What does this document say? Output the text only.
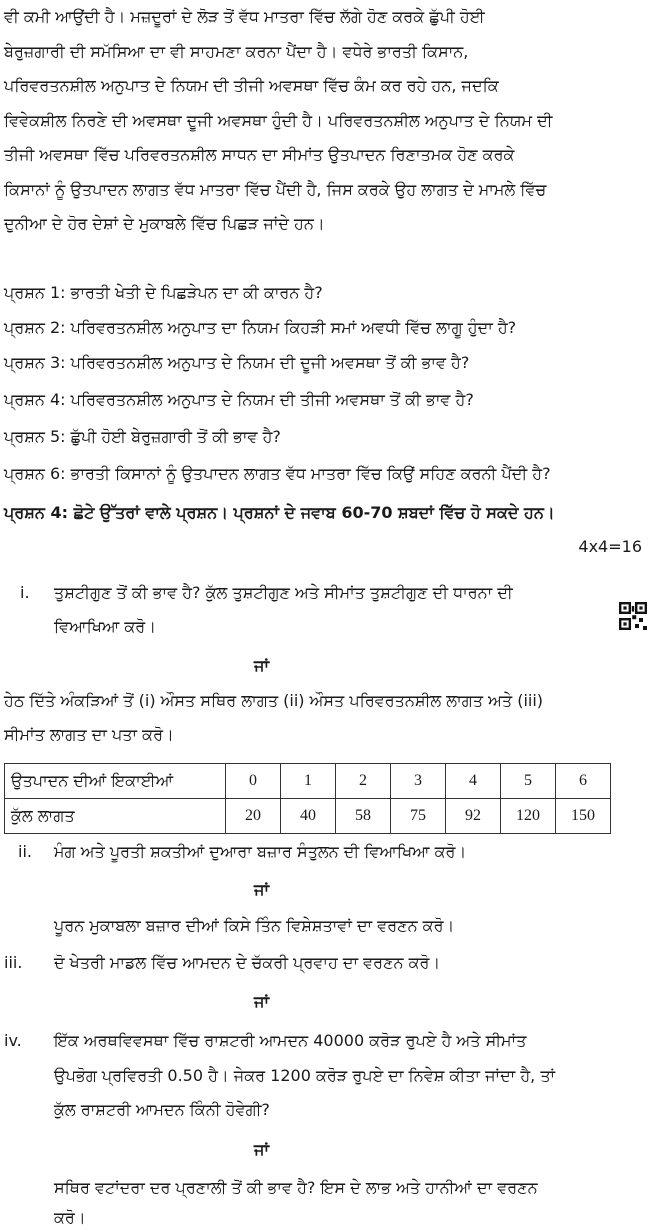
ਵੀ ਕਮੀ ਆਉਂਦੀ ਹੈ। ਮਜ਼ਦੂਰਾਂ ਦੇ ਲੋੜ ਤੋਂ ਵੱਧ ਮਾਤਰਾ ਵਿੱਚ ਲੱਗੇ ਹੋਣ ਕਰਕੇ ਛੁੱਪੀ ਹੋਈ
ਬੇਰੁਜ਼ਗਾਰੀ ਦੀ ਸਮੱਸਿਆ ਦਾ ਵੀ ਸਾਹਮਣਾ ਕਰਨਾ ਪੈਂਦਾ ਹੈ। ਵਧੇਰੇ ਭਾਰਤੀ ਕਿਸਾਨ,
ਪਰਿਵਰਤਨਸ਼ੀਲ ਅਨੁਪਾਤ ਦੇ ਨਿਯਮ ਦੀ ਤੀਜੀ ਅਵਸਥਾ ਵਿੱਚ ਕੰਮ ਕਰ ਰਹੇ ਹਨ, ਜਦਕਿ
ਵਿਵੇਕਸ਼ੀਲ ਨਿਰਣੇ ਦੀ ਅਵਸਥਾ ਦੂਜੀ ਅਵਸਥਾ ਹੁੰਦੀ ਹੈ। ਪਰਿਵਰਤਨਸ਼ੀਲ ਅਨੁਪਾਤ ਦੇ ਨਿਯਮ ਦੀ
ਤੀਜੀ ਅਵਸਥਾ ਵਿੱਚ ਪਰਿਵਰਤਨਸ਼ੀਲ ਸਾਧਨ ਦਾ ਸੀਮਾਂਤ ਉਤਪਾਦਨ ਰਿਣਾਤਮਕ ਹੋਣ ਕਰਕੇ
ਕਿਸਾਨਾਂ ਨੂੰ ਉਤਪਾਦਨ ਲਾਗਤ ਵੱਧ ਮਾਤਰਾ ਵਿੱਚ ਪੈਂਦੀ ਹੈ, ਜਿਸ ਕਰਕੇ ਉਹ ਲਾਗਤ ਦੇ ਮਾਮਲੇ ਵਿੱਚ
ਦੁਨੀਆ ਦੇ ਹੋਰ ਦੇਸ਼ਾਂ ਦੇ ਮੁਕਾਬਲੇ ਵਿੱਚ ਪਿਛੜ ਜਾਂਦੇ ਹਨ।
ਪ੍ਰਸ਼ਨ 1: ਭਾਰਤੀ ਖੇਤੀ ਦੇ ਪਿਛੜੇਪਨ ਦਾ ਕੀ ਕਾਰਨ ਹੈ?
ਪ੍ਰਸ਼ਨ 2: ਪਰਿਵਰਤਨਸ਼ੀਲ ਅਨੁਪਾਤ ਦਾ ਨਿਯਮ ਕਿਹੜੀ ਸਮਾਂ ਅਵਧੀ ਵਿੱਚ ਲਾਗੂ ਹੁੰਦਾ ਹੈ?
ਪ੍ਰਸ਼ਨ 3: ਪਰਿਵਰਤਨਸ਼ੀਲ ਅਨੁਪਾਤ ਦੇ ਨਿਯਮ ਦੀ ਦੂਜੀ ਅਵਸਥਾ ਤੋਂ ਕੀ ਭਾਵ ਹੈ?
ਪ੍ਰਸ਼ਨ 4: ਪਰਿਵਰਤਨਸ਼ੀਲ ਅਨੁਪਾਤ ਦੇ ਨਿਯਮ ਦੀ ਤੀਜੀ ਅਵਸਥਾ ਤੋਂ ਕੀ ਭਾਵ ਹੈ?
ਪ੍ਰਸ਼ਨ 5: ਛੁੱਪੀ ਹੋਈ ਬੇਰੁਜ਼ਗਾਰੀ ਤੋਂ ਕੀ ਭਾਵ ਹੈ?
ਪ੍ਰਸ਼ਨ 6: ਭਾਰਤੀ ਕਿਸਾਨਾਂ ਨੂੰ ਉਤਪਾਦਨ ਲਾਗਤ ਵੱਧ ਮਾਤਰਾ ਵਿੱਚ ਕਿਉਂ ਸਹਿਣ ਕਰਨੀ ਪੈਂਦੀ ਹੈ?
ਪ੍ਰਸ਼ਨ 4: ਛੋਟੇ ਉੱਤਰਾਂ ਵਾਲੇ ਪ੍ਰਸ਼ਨ। ਪ੍ਰਸ਼ਨਾਂ ਦੇ ਜਵਾਬ 60-70 ਸ਼ਬਦਾਂ ਵਿੱਚ ਹੋ ਸਕਦੇ ਹਨ।
4x4=16
i. ਤੁਸ਼ਟੀਗੁਣ ਤੋਂ ਕੀ ਭਾਵ ਹੈ? ਕੁੱਲ ਤੁਸ਼ਟੀਗੁਣ ਅਤੇ ਸੀਮਾਂਤ ਤੁਸ਼ਟੀਗੁਣ ਦੀ ਧਾਰਨਾ ਦੀ
ਵਿਆਖਿਆ ਕਰੋ।
ਜਾਂ
ਹੇਠ ਦਿੱਤੇ ਅੰਕੜਿਆਂ ਤੋਂ (i) ਔਸਤ ਸਥਿਰ ਲਾਗਤ (ii) ਔਸਤ ਪਰਿਵਰਤਨਸ਼ੀਲ ਲਾਗਤ ਅਤੇ (iii)
ਸੀਮਾਂਤ ਲਾਗਤ ਦਾ ਪਤਾ ਕਰੋ।
ਉਤਪਾਦਨ ਦੀਆਂ ਇਕਾਈਆਂ	0	1	2	3	4	5	6
ਕੁੱਲ ਲਾਗਤ	20	40	58	75	92	120	150
ii. ਮੰਗ ਅਤੇ ਪੂਰਤੀ ਸ਼ਕਤੀਆਂ ਦੁਆਰਾ ਬਜ਼ਾਰ ਸੰਤੁਲਨ ਦੀ ਵਿਆਖਿਆ ਕਰੋ।
ਜਾਂ
ਪੂਰਨ ਮੁਕਾਬਲਾ ਬਜ਼ਾਰ ਦੀਆਂ ਕਿਸੇ ਤਿੰਨ ਵਿਸ਼ੇਸ਼ਤਾਵਾਂ ਦਾ ਵਰਣਨ ਕਰੋ।
iii. ਦੋ ਖੇਤਰੀ ਮਾਡਲ ਵਿੱਚ ਆਮਦਨ ਦੇ ਚੱਕਰੀ ਪ੍ਰਵਾਹ ਦਾ ਵਰਣਨ ਕਰੋ।
ਜਾਂ
iv. ਇੱਕ ਅਰਥਵਿਵਸਥਾ ਵਿੱਚ ਰਾਸ਼ਟਰੀ ਆਮਦਨ 40000 ਕਰੋੜ ਰੁਪਏ ਹੈ ਅਤੇ ਸੀਮਾਂਤ
ਉਪਭੋਗ ਪ੍ਰਵਿਰਤੀ 0.50 ਹੈ। ਜੇਕਰ 1200 ਕਰੋੜ ਰੁਪਏ ਦਾ ਨਿਵੇਸ਼ ਕੀਤਾ ਜਾਂਦਾ ਹੈ, ਤਾਂ
ਕੁੱਲ ਰਾਸ਼ਟਰੀ ਆਮਦਨ ਕਿੰਨੀ ਹੋਵੇਗੀ?
ਜਾਂ
ਸਥਿਰ ਵਟਾਂਦਰਾ ਦਰ ਪ੍ਰਣਾਲੀ ਤੋਂ ਕੀ ਭਾਵ ਹੈ? ਇਸ ਦੇ ਲਾਭ ਅਤੇ ਹਾਨੀਆਂ ਦਾ ਵਰਣਨ
ਕਰੋ।
